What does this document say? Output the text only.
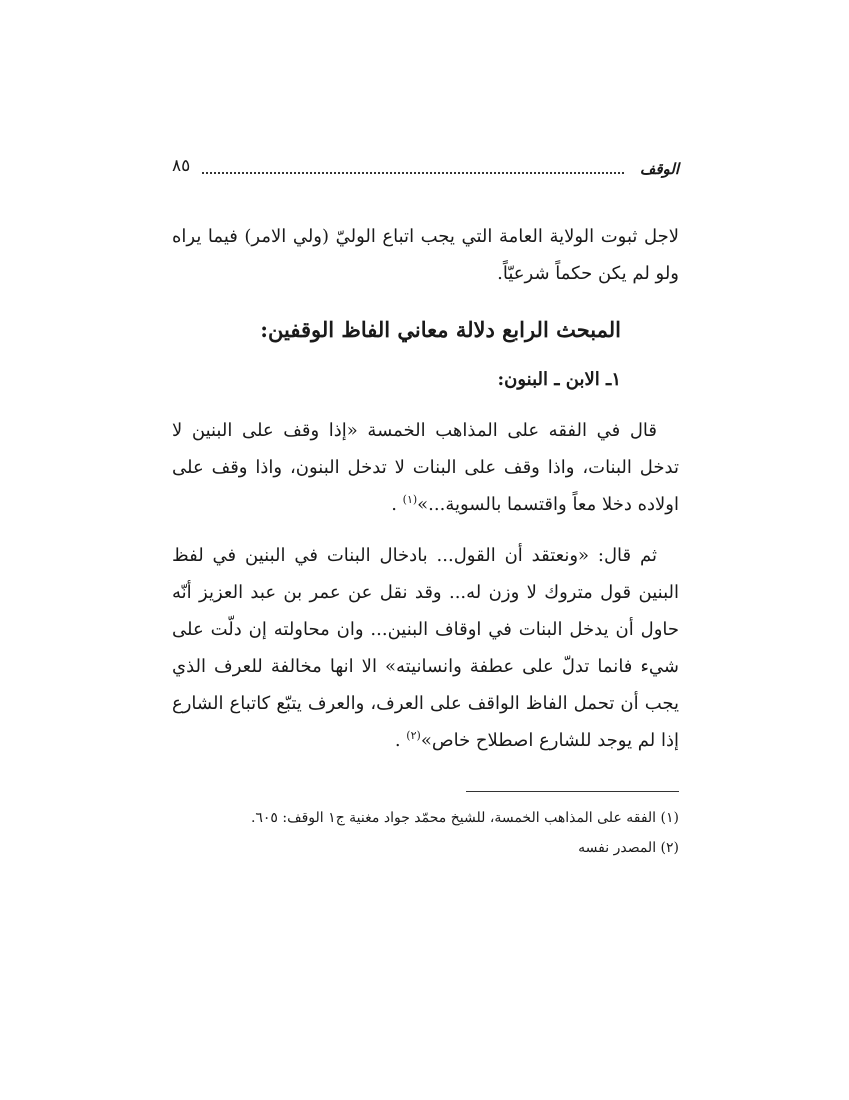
الوقف
٨٥

لاجل ثبوت الولاية العامة التي يجب اتباع الوليّ (ولي الامر) فيما يراه ولو لم يكن حكماً شرعيّاً.

المبحث الرابع دلالة معاني الفاظ الوقفين:
١ـ الابن ـ البنون:

قال في الفقه على المذاهب الخمسة «إذا وقف على البنين لا تدخل البنات، واذا وقف على البنات لا تدخل البنون، واذا وقف على اولاده دخلا معاً واقتسما بالسوية...»$^{(١)}$ .

ثم قال: «ونعتقد أن القول... بادخال البنات في البنين في لفظ البنين قول متروك لا وزن له... وقد نقل عن عمر بن عبد العزيز أنّه حاول أن يدخل البنات في اوقاف البنين... وان محاولته إن دلّت على شيء فانما تدلّ على عطفة وانسانيته» الا انها مخالفة للعرف الذي يجب أن تحمل الفاظ الواقف على العرف، والعرف يتبّع كاتباع الشارع إذا لم يوجد للشارع اصطلاح خاص»$^{(٢)}$ .

(١) الفقه على المذاهب الخمسة، للشيخ محمّد جواد مغنية ج١ الوقف: ٦٠٥.
(٢) المصدر نفسه
